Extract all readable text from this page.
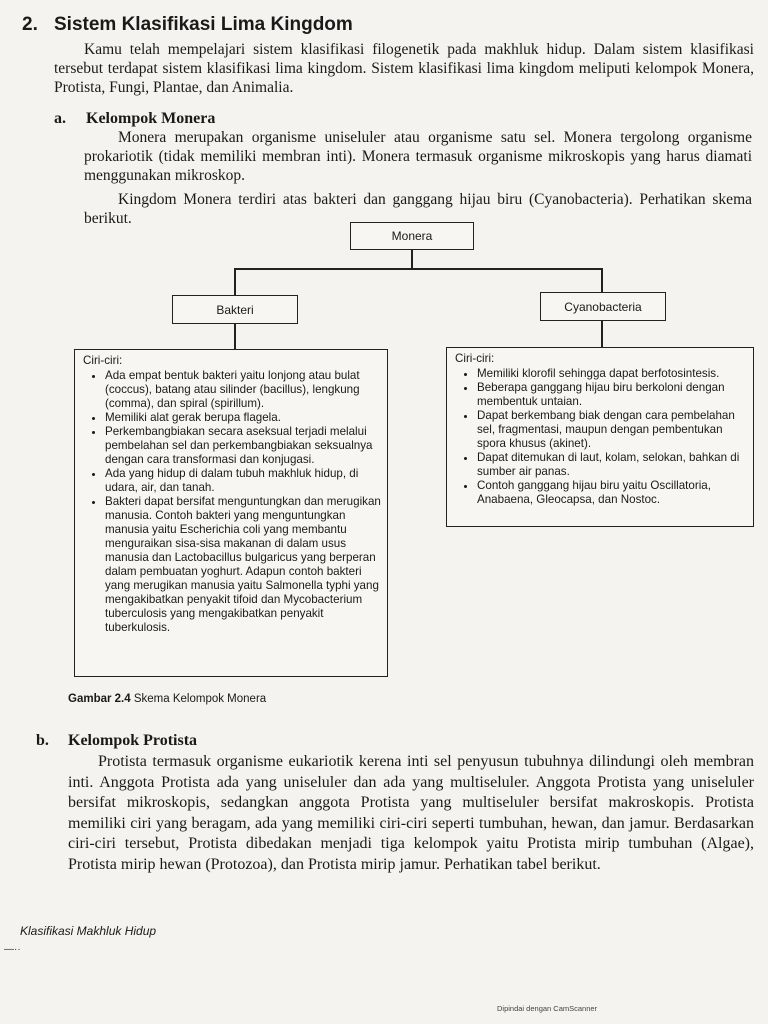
2. Sistem Klasifikasi Lima Kingdom

Kamu telah mempelajari sistem klasifikasi filogenetik pada makhluk hidup. Dalam sistem klasifikasi tersebut terdapat sistem klasifikasi lima kingdom. Sistem klasifikasi lima kingdom meliputi kelompok Monera, Protista, Fungi, Plantae, dan Animalia.

a. Kelompok Monera

Monera merupakan organisme uniseluler atau organisme satu sel. Monera tergolong organisme prokariotik (tidak memiliki membran inti). Monera termasuk organisme mikroskopis yang harus diamati menggunakan mikroskop.

Kingdom Monera terdiri atas bakteri dan ganggang hijau biru (Cyanobacteria). Perhatikan skema berikut.

Monera
Bakteri	Cyanobacteria
Ciri-ciri:
• Ada empat bentuk bakteri yaitu lonjong atau bulat (coccus), batang atau silinder (bacillus), lengkung (comma), dan spiral (spirillum).
• Memiliki alat gerak berupa flagela.
• Perkembangbiakan secara aseksual terjadi melalui pembelahan sel dan perkembangbiakan seksualnya dengan cara transformasi dan konjugasi.
• Ada yang hidup di dalam tubuh makhluk hidup, di udara, air, dan tanah.
• Bakteri dapat bersifat menguntungkan dan merugikan manusia. Contoh bakteri yang menguntungkan manusia yaitu Escherichia coli yang membantu menguraikan sisa-sisa makanan di dalam usus manusia dan Lactobacillus bulgaricus yang berperan dalam pembuatan yoghurt. Adapun contoh bakteri yang merugikan manusia yaitu Salmonella typhi yang mengakibatkan penyakit tifoid dan Mycobacterium tuberculosis yang mengakibatkan penyakit tuberkulosis.
Ciri-ciri:
• Memiliki klorofil sehingga dapat berfotosintesis.
• Beberapa ganggang hijau biru berkoloni dengan membentuk untaian.
• Dapat berkembang biak dengan cara pembelahan sel, fragmentasi, maupun dengan pembentukan spora khusus (akinet).
• Dapat ditemukan di laut, kolam, selokan, bahkan di sumber air panas.
• Contoh ganggang hijau biru yaitu Oscillatoria, Anabaena, Gleocapsa, dan Nostoc.
Gambar 2.4 Skema Kelompok Monera
b. Kelompok Protista

Protista termasuk organisme eukariotik kerena inti sel penyusun tubuhnya dilindungi oleh membran inti. Anggota Protista ada yang uniseluler dan ada yang multiseluler. Anggota Protista yang uniseluler bersifat mikroskopis, sedangkan anggota Protista yang multiseluler bersifat makroskopis. Protista memiliki ciri yang beragam, ada yang memiliki ciri-ciri seperti tumbuhan, hewan, dan jamur. Berdasarkan ciri-ciri tersebut, Protista dibedakan menjadi tiga kelompok yaitu Protista mirip tumbuhan (Algae), Protista mirip hewan (Protozoa), dan Protista mirip jamur. Perhatikan tabel berikut.

Klasifikasi Makhluk Hidup
—··
Dipindai dengan CamScanner
